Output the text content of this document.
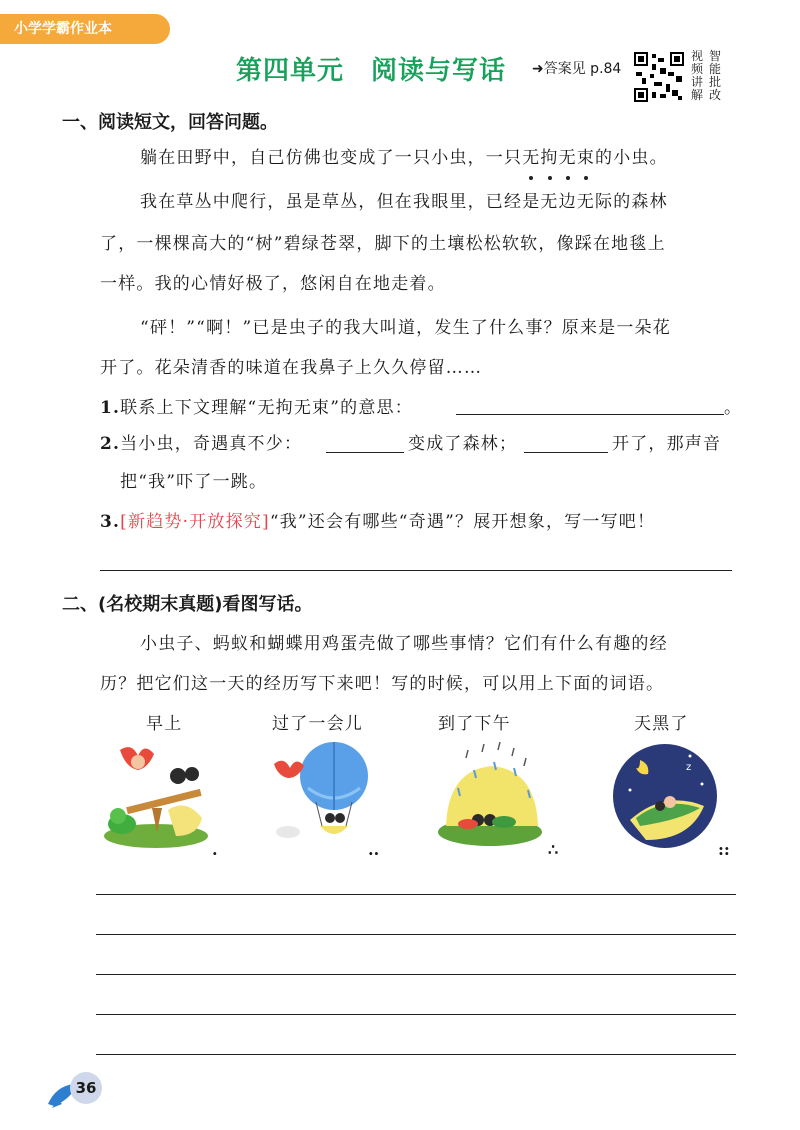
小学学霸作业本
第四单元　阅读与写话 ➜答案见 p.84
视 智
频 能
讲 批
解 改
一、阅读短文，回答问题。
躺在田野中，自己仿佛也变成了一只小虫，一只无拘无束的小虫。
我在草丛中爬行，虽是草丛，但在我眼里，已经是无边无际的森林
了，一棵棵高大的“树”碧绿苍翠，脚下的土壤松松软软，像踩在地毯上
一样。我的心情好极了，悠闲自在地走着。
“砰！”“啊！”已是虫子的我大叫道，发生了什么事？原来是一朵花
开了。花朵清香的味道在我鼻子上久久停留……
1.联系上下文理解“无拘无束”的意思：	。
2.当小虫，奇遇真不少：	变成了森林；	开了，那声音
把“我”吓了一跳。
3.[新趋势·开放探究]“我”还会有哪些“奇遇”？展开想象，写一写吧！
二、(名校期末真题)看图写话。
小虫子、蚂蚁和蝴蝶用鸡蛋壳做了哪些事情？它们有什么有趣的经
历？把它们这一天的经历写下来吧！写的时候，可以用上下面的词语。
早上	过了一会儿	到了下午	天黑了
.	..	∴
z
::
36
